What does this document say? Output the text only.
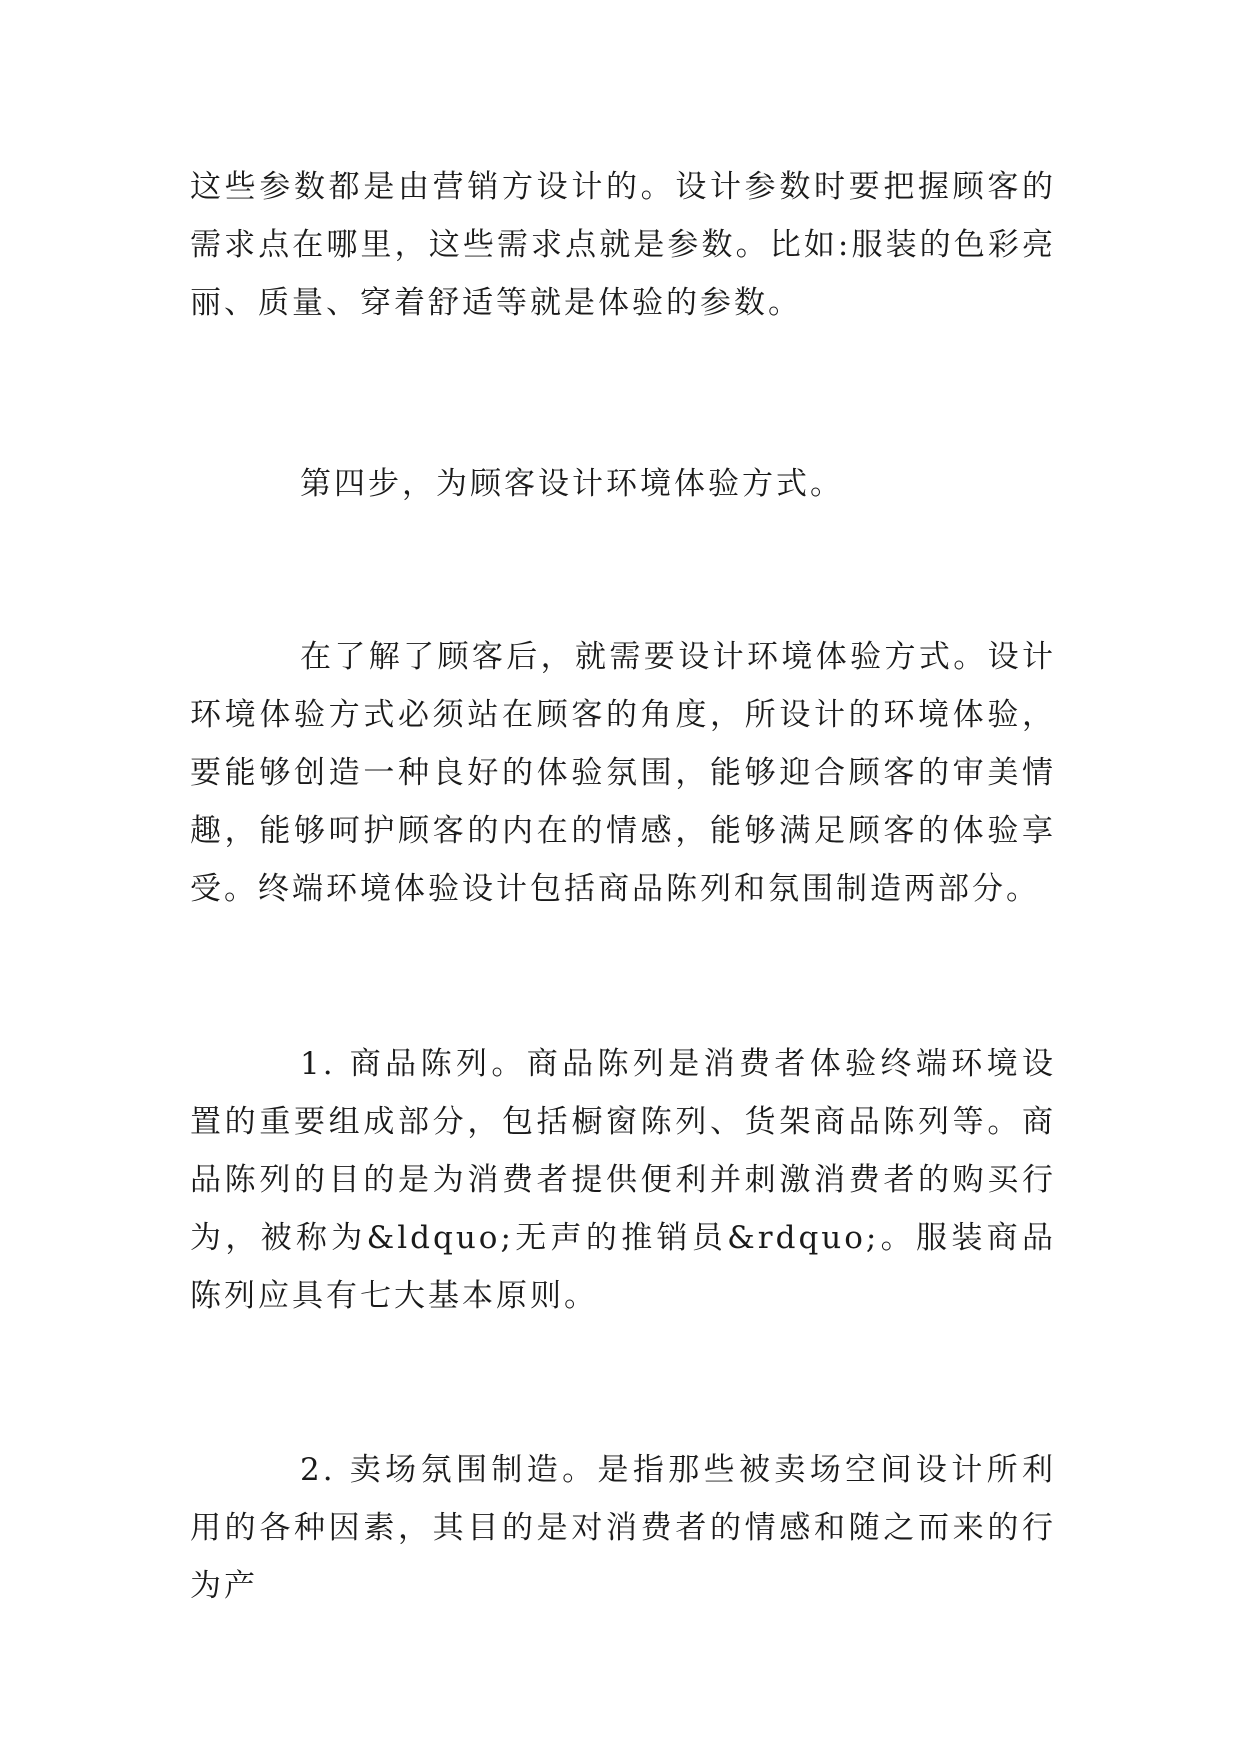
这些参数都是由营销方设计的。设计参数时要把握顾客的需求点在哪里，这些需求点就是参数。比如:服装的色彩亮丽、质量、穿着舒适等就是体验的参数。

第四步，为顾客设计环境体验方式。

在了解了顾客后，就需要设计环境体验方式。设计环境体验方式必须站在顾客的角度，所设计的环境体验，要能够创造一种良好的体验氛围，能够迎合顾客的审美情趣，能够呵护顾客的内在的情感，能够满足顾客的体验享受。终端环境体验设计包括商品陈列和氛围制造两部分。

1. 商品陈列。商品陈列是消费者体验终端环境设置的重要组成部分，包括橱窗陈列、货架商品陈列等。商品陈列的目的是为消费者提供便利并刺激消费者的购买行为，被称为&ldquo;无声的推销员&rdquo;。服装商品陈列应具有七大基本原则。

2. 卖场氛围制造。是指那些被卖场空间设计所利用的各种因素，其目的是对消费者的情感和随之而来的行为产
